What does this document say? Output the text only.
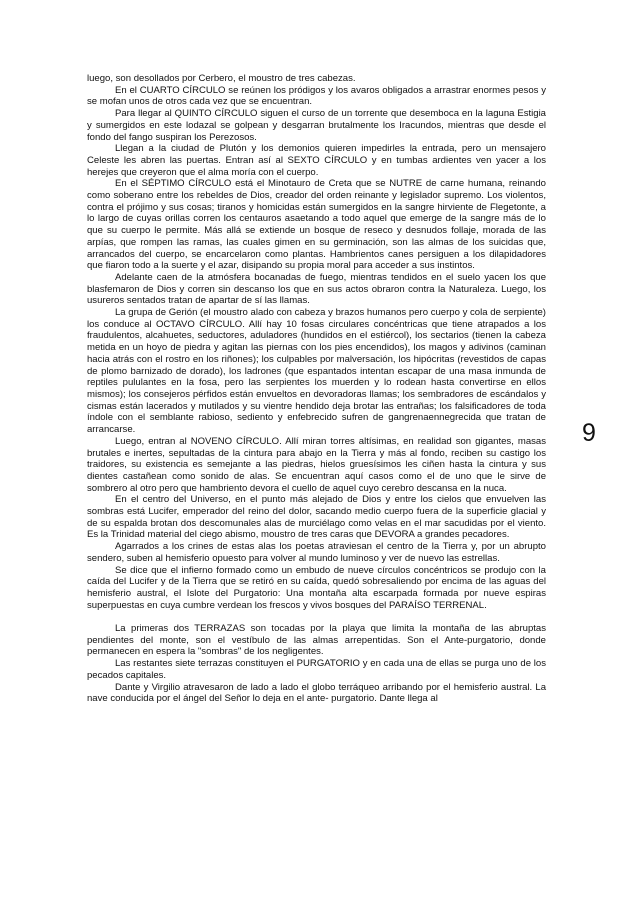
luego, son desollados por Cerbero, el moustro de tres cabezas.

En el CUARTO CÍRCULO se reúnen los pródigos y los avaros obligados a arrastrar enormes pesos y se mofan unos de otros cada vez que se encuentran.

Para llegar al QUINTO CÍRCULO siguen el curso de un torrente que desemboca en la laguna Estigia y sumergidos en este lodazal se golpean y desgarran brutalmente los Iracundos, mientras que desde el fondo del fango suspiran los Perezosos.

Llegan a la ciudad de Plutón y los demonios quieren impedirles la entrada, pero un mensajero Celeste les abren las puertas. Entran así al SEXTO CÍRCULO y en tumbas ardientes ven yacer a los herejes que creyeron que el alma moría con el cuerpo.

En el SÉPTIMO CÍRCULO está el Minotauro de Creta que se NUTRE de carne humana, reinando como soberano entre los rebeldes de Dios, creador del orden reinante y legislador supremo. Los violentos, contra el prójimo y sus cosas; tiranos y homicidas están sumergidos en la sangre hirviente de Flegetonte, a lo largo de cuyas orillas corren los centauros asaetando a todo aquel que emerge de la sangre más de lo que su cuerpo le permite. Más allá se extiende un bosque de reseco y desnudos follaje, morada de las arpías, que rompen las ramas, las cuales gimen en su germinación, son las almas de los suicidas que, arrancados del cuerpo, se encarcelaron como plantas. Hambrientos canes persiguen a los dilapidadores que fiaron todo a la suerte y el azar, disipando su propia moral para acceder a sus instintos.

Adelante caen de la atmósfera bocanadas de fuego, mientras tendidos en el suelo yacen los que blasfemaron de Dios y corren sin descanso los que en sus actos obraron contra la Naturaleza. Luego, los usureros sentados tratan de apartar de sí las llamas.

La grupa de Gerión (el moustro alado con cabeza y brazos humanos pero cuerpo y cola de serpiente) los conduce al OCTAVO CÍRCULO. Allí hay 10 fosas circulares concéntricas que tiene atrapados a los fraudulentos, alcahuetes, seductores, aduladores (hundidos en el estiércol), los sectarios (tienen la cabeza metida en un hoyo de piedra y agitan las piernas con los pies encendidos), los magos y adivinos (caminan hacia atrás con el rostro en los riñones); los culpables por malversación, los hipócritas (revestidos de capas de plomo barnizado de dorado), los ladrones (que espantados intentan escapar de una masa inmunda de reptiles pululantes en la fosa, pero las serpientes los muerden y lo rodean hasta convertirse en ellos mismos); los consejeros pérfidos están envueltos en devoradoras llamas; los sembradores de escándalos y cismas están lacerados y mutilados y su vientre hendido deja brotar las entrañas; los falsificadores de toda índole con el semblante rabioso, sediento y enfebrecido sufren de gangrenaennegrecida que tratan de arrancarse.

Luego, entran al NOVENO CÍRCULO. Allí miran torres altísimas, en realidad son gigantes, masas brutales e inertes, sepultadas de la cintura para abajo en la Tierra y más al fondo, reciben su castigo los traidores, su existencia es semejante a las piedras, hielos gruesísimos les ciñen hasta la cintura y sus dientes castañean como sonido de alas. Se encuentran aquí casos como el de uno que le sirve de sombrero al otro pero que hambriento devora el cuello de aquel cuyo cerebro descansa en la nuca.

En el centro del Universo, en el punto más alejado de Dios y entre los cielos que envuelven las sombras está Lucifer, emperador del reino del dolor, sacando medio cuerpo fuera de la superficie glacial y de su espalda brotan dos descomunales alas de murciélago como velas en el mar sacudidas por el viento. Es la Trinidad material del ciego abismo, moustro de tres caras que DEVORA a grandes pecadores.

Agarrados a los crines de estas alas los poetas atraviesan el centro de la Tierra y, por un abrupto sendero, suben al hemisferio opuesto para volver al mundo luminoso y ver de nuevo las estrellas.

Se dice que el infierno formado como un embudo de nueve círculos concéntricos se produjo con la caída del Lucifer y de la Tierra que se retiró en su caída, quedó sobresaliendo por encima de las aguas del hemisferio austral, el Islote del Purgatorio: Una montaña alta escarpada formada por nueve espiras superpuestas en cuya cumbre verdean los frescos y vivos bosques del PARAÍSO TERRENAL.

La primeras dos TERRAZAS son tocadas por la playa que limita la montaña de las abruptas pendientes del monte, son el vestíbulo de las almas arrepentidas. Son el Ante-purgatorio, donde permanecen en espera la "sombras" de los negligentes.

Las restantes siete terrazas constituyen el PURGATORIO y en cada una de ellas se purga uno de los pecados capitales.

Dante y Virgilio atravesaron de lado a lado el globo terráqueo arribando por el hemisferio austral. La nave conducida por el ángel del Señor lo deja en el ante- purgatorio. Dante llega al

9
